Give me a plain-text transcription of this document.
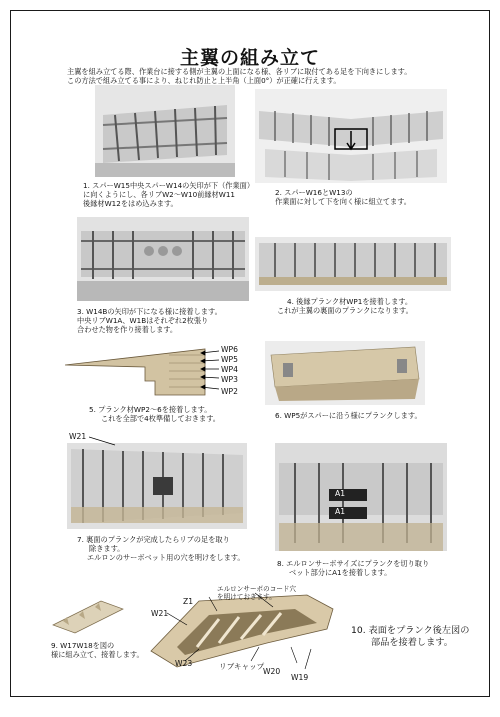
主翼の組み立て
主翼を組み立てる際、作業台に接する側が主翼の上面になる様、各リブに取付てある足を下向きにします。
この方法で組み立てる事により、ねじれ防止と上半角（上面0°）が正確に行えます。
1. スパーW15中央スパーW14の矢印が下（作業面）
に向くようにし、各リブW2～W10前縁材W11
後縁材W12をはめ込みます。
2. スパーW16とW13の
作業面に対して下を向く様に組立てます。
3. W14Bの矢印が下になる様に接着します。
中央リブW1A、W1Bはそれぞれ2枚張り
合わせた物を作り接着します。
4. 後縁プランク材WP1を接着します。
これが主翼の裏面のプランクになります。
WP6
WP5
WP4
WP3
WP2
5. プランク材WP2～6を接着します。
これを全部で4枚準備しておきます。	6. WP5がスパーに沿う様にプランクします。
W21
7. 裏面のプランクが完成したらリブの足を取り
除きます。
エルロンのサーボベット用の穴を明けをします。
A1
A1
8. エルロンサーボサイズにプランクを切り取り
ベット部分にA1を接着します。
9. W17W18を図の
様に組み立て、接着します。
エルロンサーボのコード穴
を明けておきます。
Z1
W21
W23	リブキャップ
W20
W19
10. 表面をプランク後左図の
部品を接着します。
